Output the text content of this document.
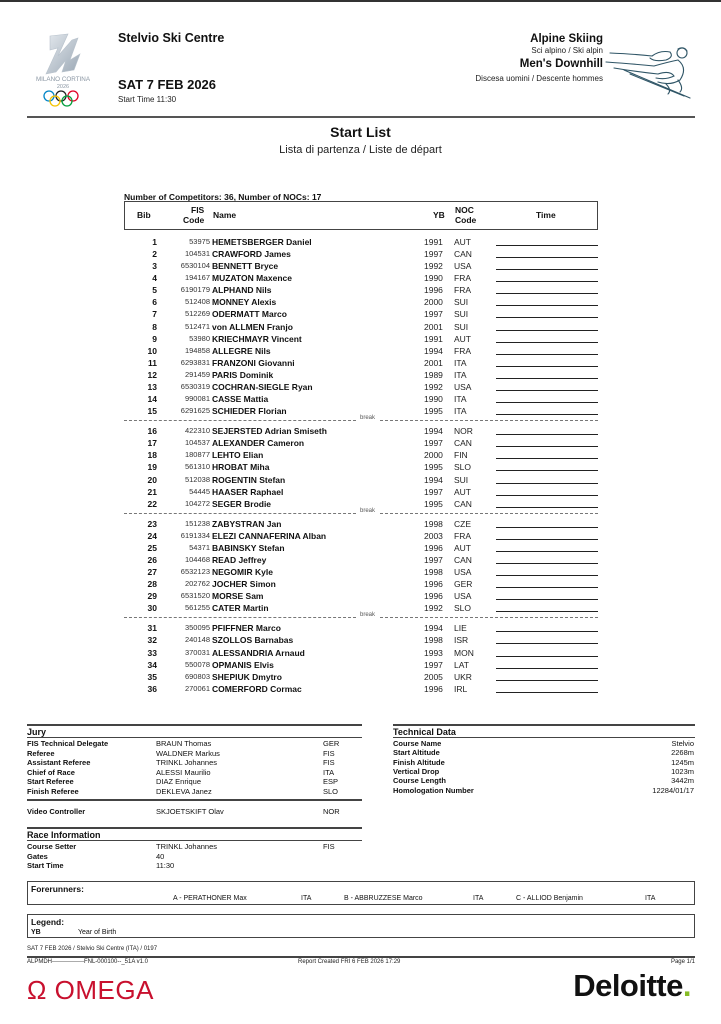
MILANO CORTINA
2026
Stelvio Ski Centre
SAT 7 FEB 2026
Start Time 11:30
Alpine Skiing
Sci alpino / Ski alpin
Men's Downhill
Discesa uomini / Descente hommes
Start List
Lista di partenza / Liste de départ
Number of Competitors: 36, Number of NOCs: 17
Bib	FIS
Code Name	YB NOC
Code	Time
1	53975 HEMETSBERGER Daniel	1991 AUT
2	104531 CRAWFORD James	1997 CAN
3	6530104 BENNETT Bryce	1992 USA
4	194167 MUZATON Maxence	1990 FRA
5	6190179 ALPHAND Nils	1996 FRA
6	512408 MONNEY Alexis	2000 SUI
7	512269 ODERMATT Marco	1997 SUI
8	512471 von ALLMEN Franjo	2001 SUI
9	53980 KRIECHMAYR Vincent	1991 AUT
10	194858 ALLEGRE Nils	1994 FRA
11	6293831 FRANZONI Giovanni	2001 ITA
12	291459 PARIS Dominik	1989 ITA
13	6530319 COCHRAN-SIEGLE Ryan	1992 USA
14	990081 CASSE Mattia	1990 ITA
15	6291625 SCHIEDER Florian	1995 ITA
break
16	422310 SEJERSTED Adrian Smiseth	1994 NOR
17	104537 ALEXANDER Cameron	1997 CAN
18	180877 LEHTO Elian	2000 FIN
19	561310 HROBAT Miha	1995 SLO
20	512038 ROGENTIN Stefan	1994 SUI
21	54445 HAASER Raphael	1997 AUT
22	104272 SEGER Brodie	1995 CAN
break
23	151238 ZABYSTRAN Jan	1998 CZE
24	6191334 ELEZI CANNAFERINA Alban	2003 FRA
25	54371 BABINSKY Stefan	1996 AUT
26	104468 READ Jeffrey	1997 CAN
27	6532123 NEGOMIR Kyle	1998 USA
28	202762 JOCHER Simon	1996 GER
29	6531520 MORSE Sam	1996 USA
30	561255 CATER Martin	1992 SLO
break
31	350095 PFIFFNER Marco	1994 LIE
32	240148 SZOLLOS Barnabas	1998 ISR
33	370031 ALESSANDRIA Arnaud	1993 MON
34	550078 OPMANIS Elvis	1997 LAT
35	690803 SHEPIUK Dmytro	2005 UKR
36	270061 COMERFORD Cormac	1996 IRL
Jury
FIS Technical Delegate	BRAUN Thomas	GER
Referee	WALDNER Markus	FIS
Assistant Referee	TRINKL Johannes	FIS
Chief of Race	ALESSI Maurilio	ITA
Start Referee	DIAZ Enrique	ESP
Finish Referee	DEKLEVA Janez	SLO
Video Controller	SKJOETSKIFT Olav	NOR
Race Information
Course Setter	TRINKL Johannes	FIS
Gates	40
Start Time	11:30
Technical Data
Course Name	Stelvio
Start Altitude	2268m
Finish Altitude	1245m
Vertical Drop	1023m
Course Length	3442m
Homologation Number	12284/01/17
Forerunners:
A - PERATHONER Max	ITA	B - ABBRUZZESE Marco	ITA	C - ALLIOD Benjamin	ITA
Legend:
YB	Year of Birth
SAT 7 FEB 2026 / Stelvio Ski Centre (ITA) / 0197
ALPMDH----------------FNL-000100--_51A v1.0	Report Created FRI 6 FEB 2026 17:29	Page 1/1
Ω OMEGA	Deloitte.
